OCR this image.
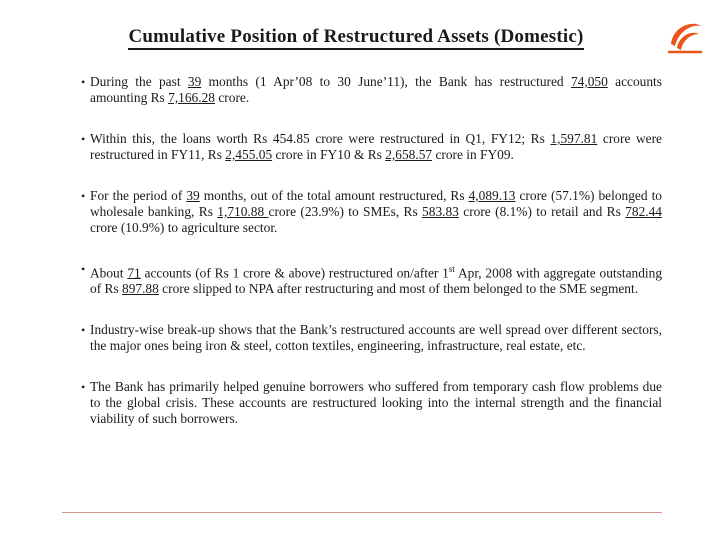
Cumulative Position of Restructured Assets (Domestic)
• During the past 39 months (1 Apr’08 to 30 June’11), the Bank has restructured 74,050 accounts amounting Rs 7,166.28 crore.
• Within this, the loans worth Rs 454.85 crore were restructured in Q1, FY12; Rs 1,597.81 crore were restructured in FY11, Rs 2,455.05 crore in FY10 & Rs 2,658.57 crore in FY09.
• For the period of 39 months, out of the total amount restructured, Rs 4,089.13 crore (57.1%) belonged to wholesale banking, Rs 1,710.88 crore (23.9%) to SMEs, Rs 583.83 crore (8.1%) to retail and Rs 782.44 crore (10.9%) to agriculture sector.
• About 71 accounts (of Rs 1 crore & above) restructured on/after 1st Apr, 2008 with aggregate outstanding of Rs 897.88 crore slipped to NPA after restructuring and most of them belonged to the SME segment.
• Industry-wise break-up shows that the Bank’s restructured accounts are well spread over different sectors, the major ones being iron & steel, cotton textiles, engineering, infrastructure, real estate, etc.
• The Bank has primarily helped genuine borrowers who suffered from temporary cash flow problems due to the global crisis. These accounts are restructured looking into the internal strength and the financial viability of such borrowers.
